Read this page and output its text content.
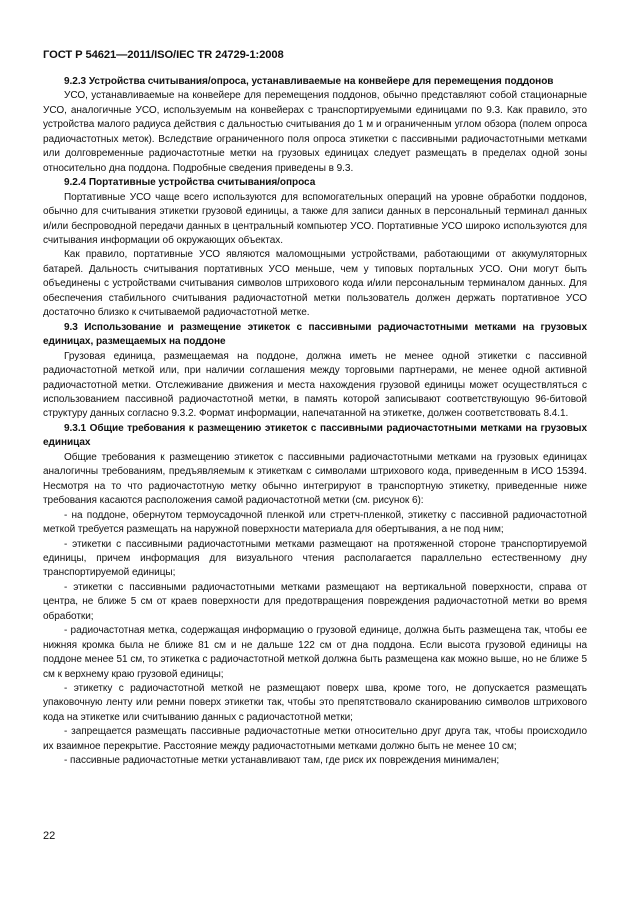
ГОСТ Р 54621—2011/ISO/IEC TR 24729-1:2008

9.2.3 Устройства считывания/опроса, устанавливаемые на конвейере для перемещения поддонов

УСО, устанавливаемые на конвейере для перемещения поддонов, обычно представляют собой стационарные УСО, аналогичные УСО, используемым на конвейерах с транспортируемыми единицами по 9.3. Как правило, это устройства малого радиуса действия с дальностью считывания до 1 м и ограниченным углом обзора (полем опроса радиочастотных меток). Вследствие ограниченного поля опроса этикетки с пассивными радиочастотными метками или долговременные радиочастотные метки на грузовых единицах следует размещать в пределах одной зоны относительно дна поддона. Подробные сведения приведены в 9.3.

9.2.4 Портативные устройства считывания/опроса

Портативные УСО чаще всего используются для вспомогательных операций на уровне обработки поддонов, обычно для считывания этикетки грузовой единицы, а также для записи данных в персональный терминал данных и/или беспроводной передачи данных в центральный компьютер УСО. Портативные УСО широко используются для считывания информации об окружающих объектах.

Как правило, портативные УСО являются маломощными устройствами, работающими от аккумуляторных батарей. Дальность считывания портативных УСО меньше, чем у типовых портальных УСО. Они могут быть объединены с устройствами считывания символов штрихового кода и/или персональным терминалом данных. Для обеспечения стабильного считывания радиочастотной метки пользователь должен держать портативное УСО достаточно близко к считываемой радиочастотной метке.

9.3 Использование и размещение этикеток с пассивными радиочастотными метками на грузовых единицах, размещаемых на поддоне

Грузовая единица, размещаемая на поддоне, должна иметь не менее одной этикетки с пассивной радиочастотной меткой или, при наличии соглашения между торговыми партнерами, не менее одной активной радиочастотной метки. Отслеживание движения и места нахождения грузовой единицы может осуществляться с использованием пассивной радиочастотной метки, в память которой записывают соответствующую 96-битовой структуру данных согласно 9.3.2. Формат информации, напечатанной на этикетке, должен соответствовать 8.4.1.

9.3.1 Общие требования к размещению этикеток с пассивными радиочастотными метками на грузовых единицах

Общие требования к размещению этикеток с пассивными радиочастотными метками на грузовых единицах аналогичны требованиям, предъявляемым к этикеткам с символами штрихового кода, приведенным в ИСО 15394. Несмотря на то что радиочастотную метку обычно интегрируют в транспортную этикетку, приведенные ниже требования касаются расположения самой радиочастотной метки (см. рисунок 6):

- на поддоне, обернутом термоусадочной пленкой или стретч-пленкой, этикетку с пассивной радиочастотной меткой требуется размещать на наружной поверхности материала для обертывания, а не под ним;

- этикетки с пассивными радиочастотными метками размещают на протяженной стороне транспортируемой единицы, причем информация для визуального чтения располагается параллельно естественному дну транспортируемой единицы;

- этикетки с пассивными радиочастотными метками размещают на вертикальной поверхности, справа от центра, не ближе 5 см от краев поверхности для предотвращения повреждения радиочастотной метки во время обработки;

- радиочастотная метка, содержащая информацию о грузовой единице, должна быть размещена так, чтобы ее нижняя кромка была не ближе 81 см и не дальше 122 см от дна поддона. Если высота грузовой единицы на поддоне менее 51 см, то этикетка с радиочастотной меткой должна быть размещена как можно выше, но не ближе 5 см к верхнему краю грузовой единицы;

- этикетку с радиочастотной меткой не размещают поверх шва, кроме того, не допускается размещать упаковочную ленту или ремни поверх этикетки так, чтобы это препятствовало сканированию символов штрихового кода на этикетке или считыванию данных с радиочастотной метки;

- запрещается размещать пассивные радиочастотные метки относительно друг друга так, чтобы происходило их взаимное перекрытие. Расстояние между радиочастотными метками должно быть не менее 10 см;

- пассивные радиочастотные метки устанавливают там, где риск их повреждения минимален;

22
